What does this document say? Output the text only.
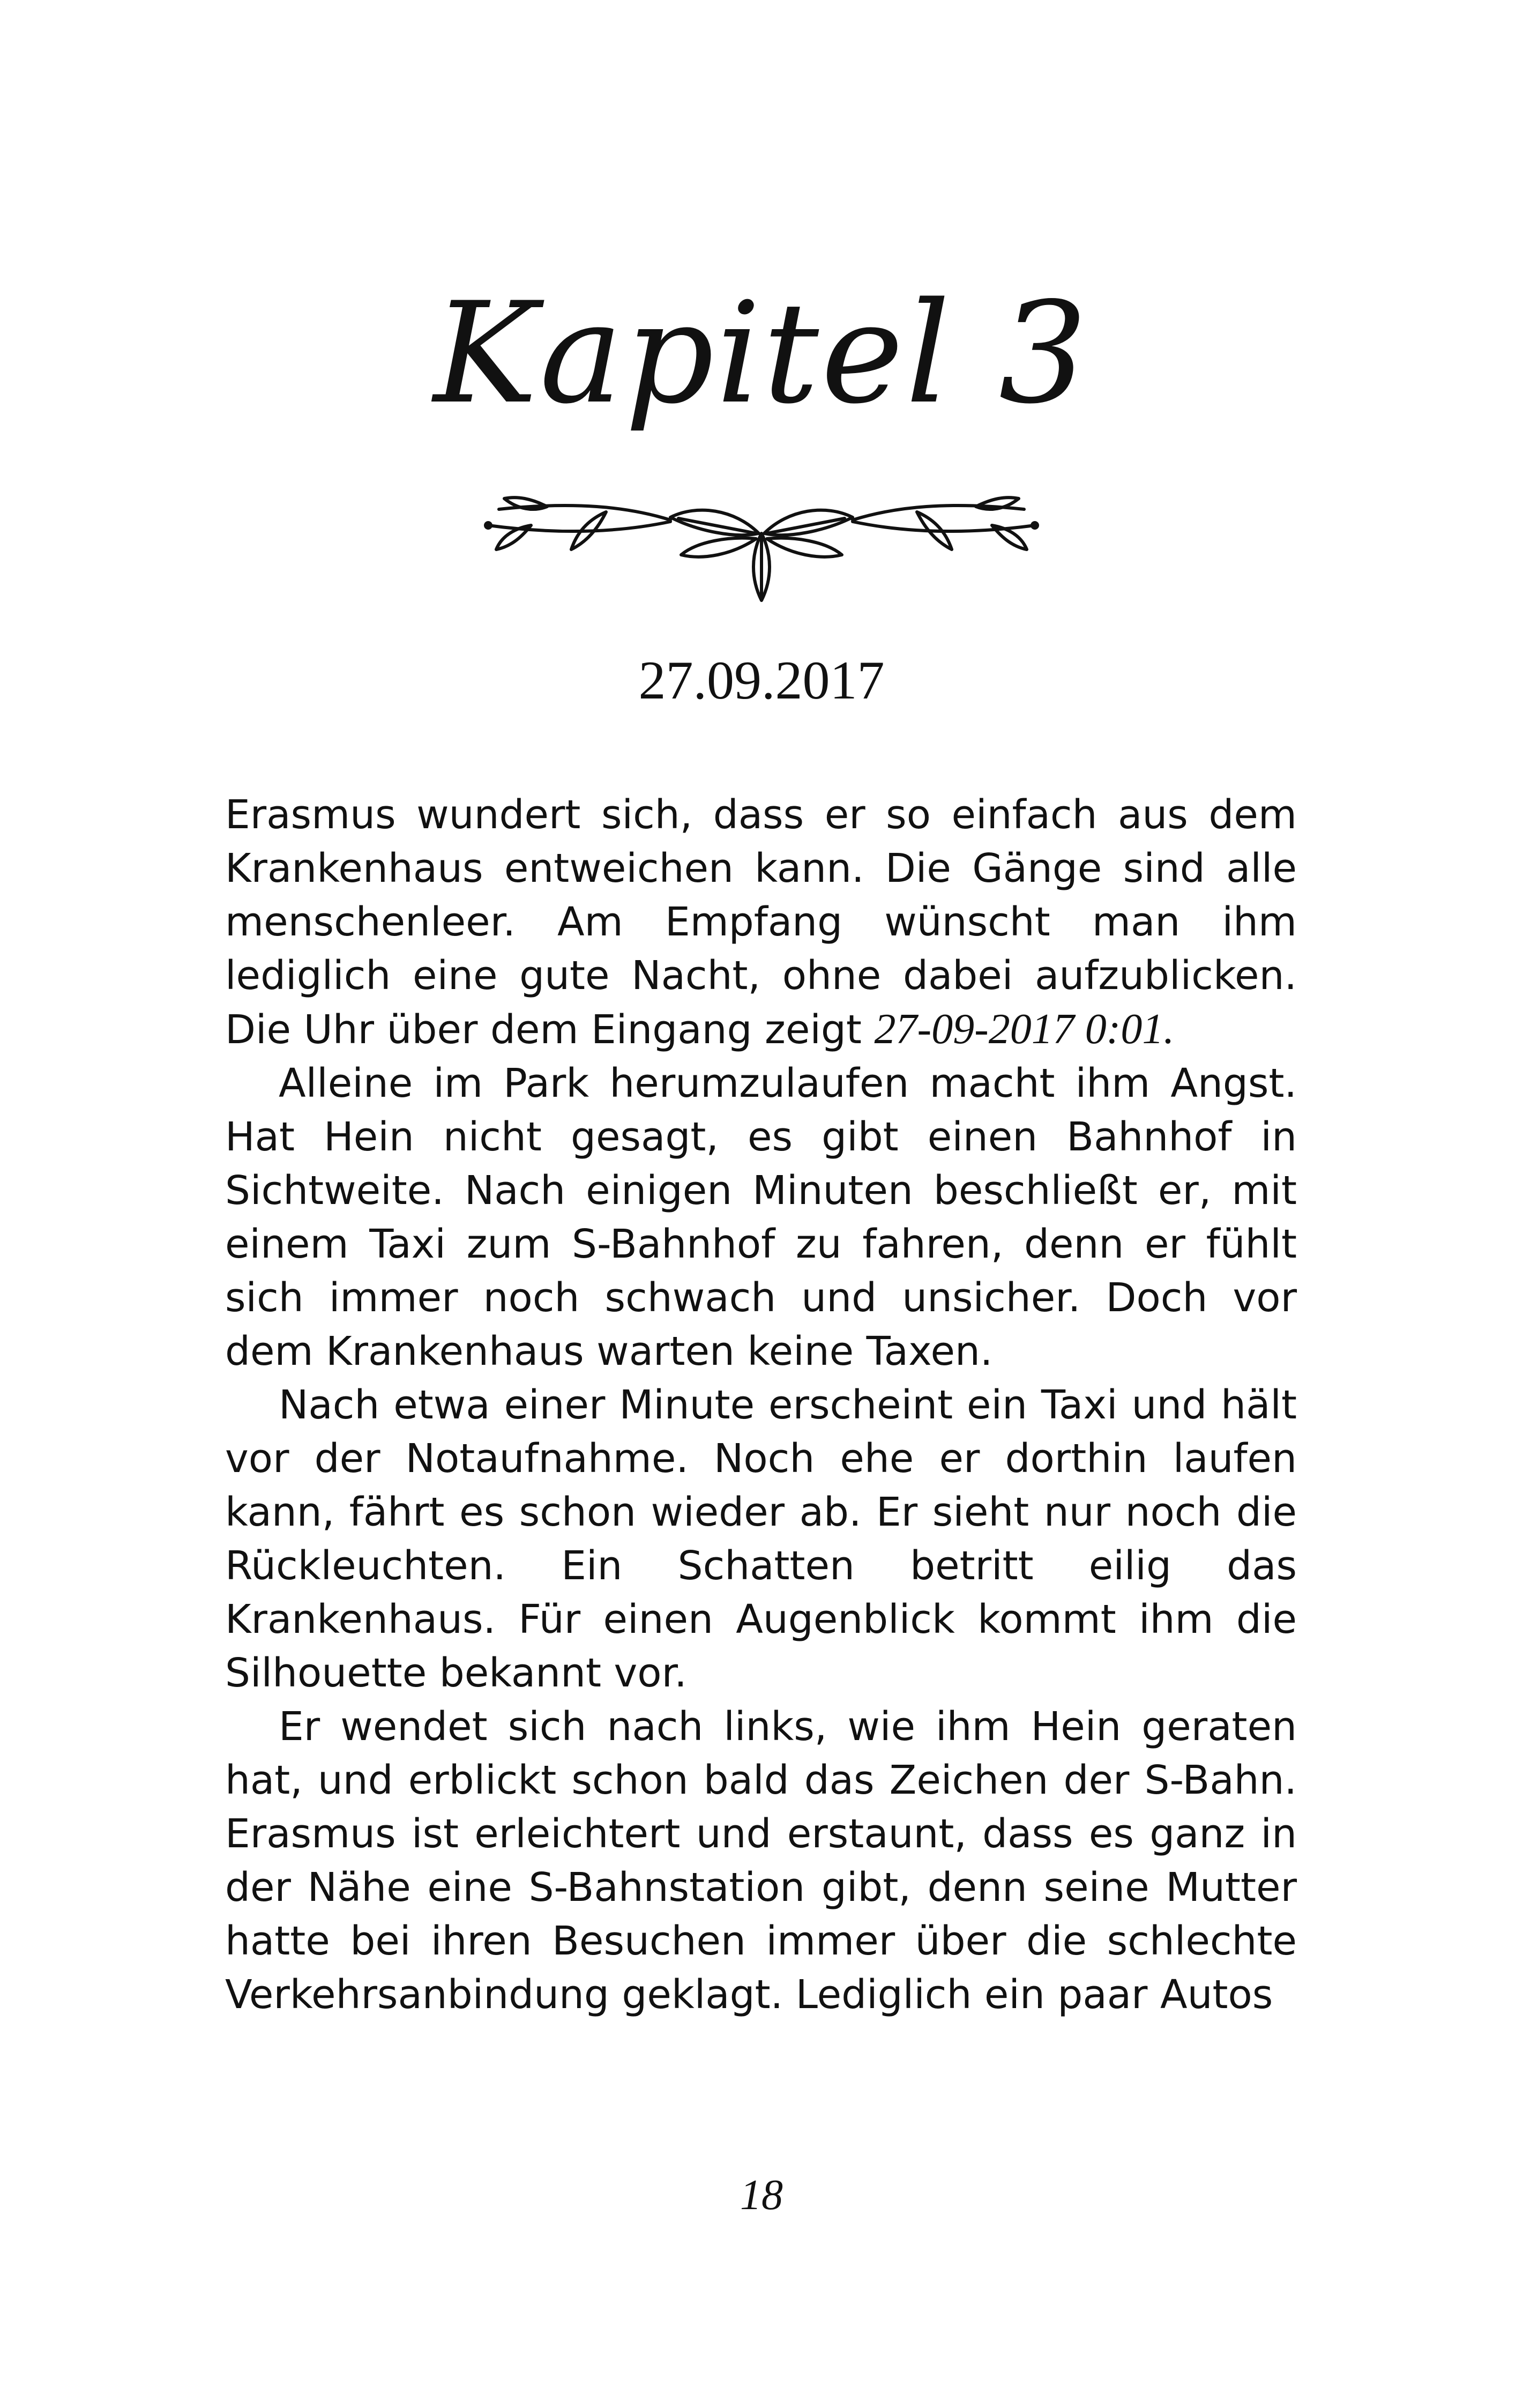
Kapitel 3
27.09.2017

Erasmus wundert sich, dass er so einfach aus dem Krankenhaus entweichen kann. Die Gänge sind alle menschenleer. Am Empfang wünscht man ihm lediglich eine gute Nacht, ohne dabei aufzublicken. Die Uhr über dem Eingang zeigt 27-09-2017 0:01.

Alleine im Park herumzulaufen macht ihm Angst. Hat Hein nicht gesagt, es gibt einen Bahnhof in Sichtweite. Nach einigen Minuten beschließt er, mit einem Taxi zum S-Bahnhof zu fahren, denn er fühlt sich immer noch schwach und unsicher. Doch vor dem Krankenhaus warten keine Taxen.

Nach etwa einer Minute erscheint ein Taxi und hält vor der Notaufnahme. Noch ehe er dorthin laufen kann, fährt es schon wieder ab. Er sieht nur noch die Rückleuchten. Ein Schatten betritt eilig das Krankenhaus. Für einen Augenblick kommt ihm die Silhouette bekannt vor.

Er wendet sich nach links, wie ihm Hein geraten hat, und erblickt schon bald das Zeichen der S-Bahn. Erasmus ist erleichtert und erstaunt, dass es ganz in der Nähe eine S-Bahnstation gibt, denn seine Mutter hatte bei ihren Besuchen immer über die schlechte Verkehrsanbindung geklagt. Lediglich ein paar Autos

18
